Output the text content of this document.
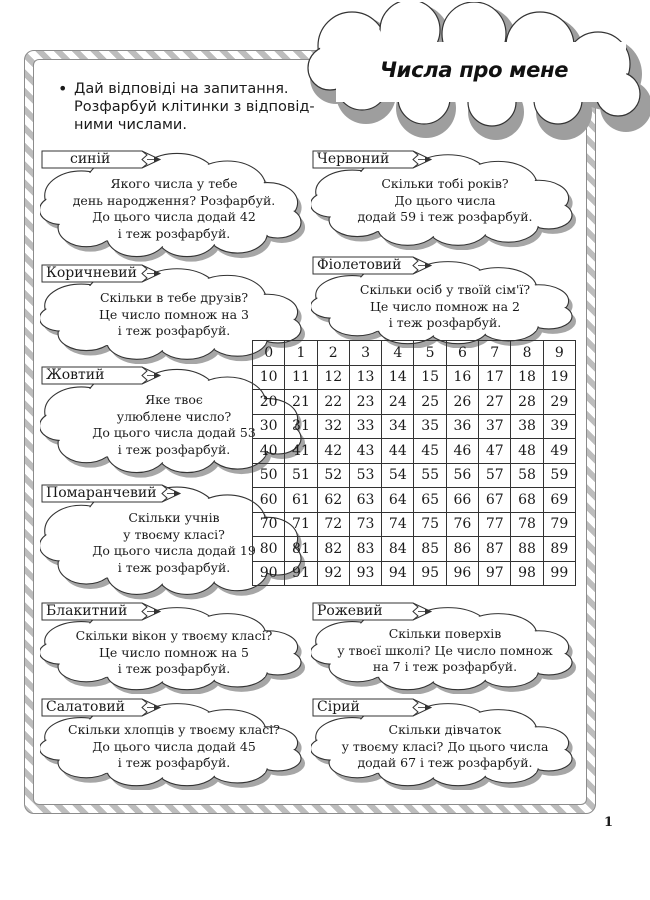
Числа про мене
• Дай відповіді на запитання.
Розфарбуй клітинки з відповід-
ними числами.
синій
Якого числа у тебе
день народження? Розфарбуй.
До цього числа додай 42
і теж розфарбуй.
Червоний
Скільки тобі років?
До цього числа
додай 59 і теж розфарбуй.
Коричневий
Скільки в тебе друзів?
Це число помнож на 3
і теж розфарбуй.
Фіолетовий
Скільки осіб у твоїй сім'ї?
Це число помнож на 2
і теж розфарбуй.
Жовтий
Яке твоє
улюблене число?
До цього числа додай 53
і теж розфарбуй.
Помаранчевий
Скільки учнів
у твоєму класі?
До цього числа додай 19
і теж розфарбуй.
Блакитний
Скільки вікон у твоєму класі?
Це число помнож на 5
і теж розфарбуй.
Рожевий
Скільки поверхів
у твоєї школі? Це число помнож
на 7 і теж розфарбуй.
Салатовий
Скільки хлопців у твоєму класі?
До цього числа додай 45
і теж розфарбуй.
Сірий
Скільки дівчаток
у твоєму класі? До цього числа
додай 67 і теж розфарбуй.
0	1	2	3	4	5	6	7	8	9
10	11	12	13	14	15	16	17	18	19
20	21	22	23	24	25	26	27	28	29
30	31	32	33	34	35	36	37	38	39
40	41	42	43	44	45	46	47	48	49
50	51	52	53	54	55	56	57	58	59
60	61	62	63	64	65	66	67	68	69
70	71	72	73	74	75	76	77	78	79
80	81	82	83	84	85	86	87	88	89
90	91	92	93	94	95	96	97	98	99
1
